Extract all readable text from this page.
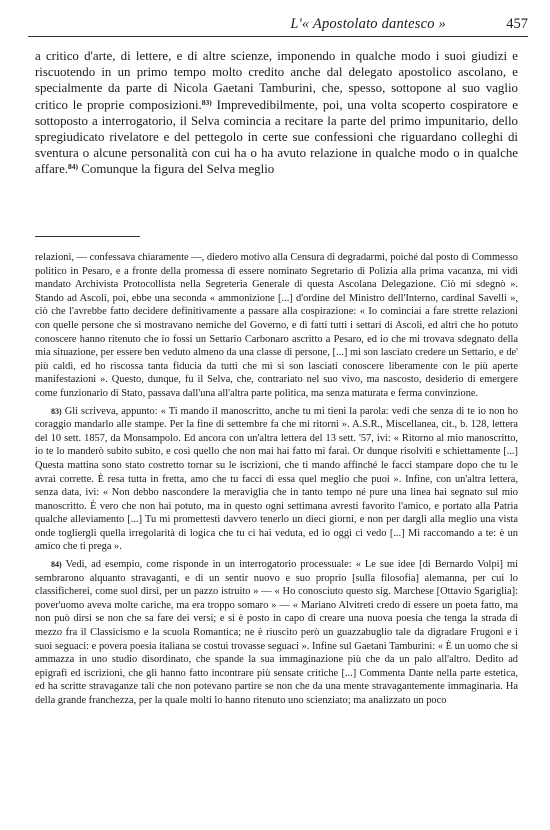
L'« Apostolato dantesco »	457

a critico d'arte, di lettere, e di altre scienze, imponendo in qualche modo i suoi giudizi e riscuotendo in un primo tempo molto credito anche dal delegato apostolico ascolano, e specialmente da parte di Nicola Gaetani Tamburini, che, spesso, sottopone al suo vaglio critico le proprie composizioni.$^{83)}$ Imprevedibilmente, poi, una volta scoperto cospiratore e sottoposto a interrogatorio, il Selva comincia a recitare la parte del primo impunitario, dello spregiudicato rivelatore e del pettegolo in certe sue confessioni che riguardano colleghi di sventura o alcune personalità con cui ha o ha avuto relazione in qualche modo o in qualche affare.$^{84)}$ Comunque la figura del Selva meglio

relazioni, — confessava chiaramente —, diedero motivo alla Censura di degradarmi, poiché dal posto di Commesso politico in Pesaro, e a fronte della promessa di essere nominato Segretario di Polizia alla prima vacanza, mi vidi mandato Archivista Protocollista nella Segreteria Generale di questa Ascolana Delegazione. Ciò mi sdegnò ». Stando ad Ascoli, poi, ebbe una seconda « ammonizione [...] d'ordine del Ministro dell'Interno, cardinal Savelli », ciò che l'avrebbe fatto decidere definitivamente a passare alla cospirazione: « Io cominciai a fare strette relazioni con quelle persone che si mostravano nemiche del Governo, e di fatti tutti i settari di Ascoli, ed altri che ho potuto conoscere hanno ritenuto che io fossi un Settario Carbonaro ascritto a Pesaro, ed io che mi trovava sdegnato della mia situazione, per essere ben veduto almeno da una classe di persone, [...] mi son lasciato credere un Settario, e de' più caldi, ed ho riscossa tanta fiducia da tutti che mi si son lasciati conoscere liberamente con le più aperte manifestazioni ». Questo, dunque, fu il Selva, che, contrariato nel suo vivo, ma nascosto, desiderio di emergere come funzionario di Stato, passava dall'una all'altra parte politica, ma senza maturata e ferma convinzione.

83) Gli scriveva, appunto: « Ti mando il manoscritto, anche tu mi tieni la parola: vedi che senza di te io non ho coraggio mandarlo alle stampe. Per la fine di settembre fa che mi ritorni ». A.S.R., Miscellanea, cit., b. 128, lettera del 10 sett. 1857, da Monsampolo. Ed ancora con un'altra lettera del 13 sett. '57, ivi: « Ritorno al mio manoscritto, io te lo manderò subito subito, e così quello che non mai hai fatto mi farai. Or dunque risolviti e schiettamente [...] Questa mattina sono stato costretto tornar su le iscrizioni, che ti mando affinché le facci stampare dopo che tu le avrai corrette. È resa tutta in fretta, amo che tu facci di essa quel meglio che puoi ». Infine, con un'altra lettera, senza data, ivi: « Non debbo nascondere la meraviglia che in tanto tempo né pure una linea hai segnato sul mio manoscritto. È vero che non hai potuto, ma in questo ogni settimana avresti favorito l'amico, e portato alla Patria qualche alleviamento [...] Tu mi promettesti davvero tenerlo un dieci giorni, e non per dargli alla meglio una vista onde togliergli quella irregolarità di logica che tu ci hai veduta, ed io oggi ci vedo [...] Mi raccomando a te: è un amico che ti prega ».

84) Vedi, ad esempio, come risponde in un interrogatorio processuale: « Le sue idee [di Bernardo Volpi] mi sembrarono alquanto stravaganti, e di un sentir nuovo e suo proprio [sulla filosofia] alemanna, per cui lo classificherei, come suol dirsi, per un pazzo istruito » — « Ho conosciuto questo sig. Marchese [Ottavio Sgariglia]: pover'uomo aveva molte cariche, ma era troppo somaro » — « Mariano Alvitreti credo di essere un poeta fatto, ma non può dirsi se non che sa fare dei versi; e si è posto in capo di creare una nuova poesia che tenga la strada di mezzo fra il Classicismo e la scuola Romantica; ne è riuscito però un guazzabuglio tale da digradare Frugoni e i suoi seguaci: e povera poesia italiana se costui trovasse seguaci ». Infine sul Gaetani Tamburini: « È un uomo che si ammazza in uno studio disordinato, che spande la sua immaginazione più che da un palo all'altro. Dedito ad epigrafi ed iscrizioni, che gli hanno fatto incontrare più sensate critiche [...] Commenta Dante nella parte estetica, ed ha scritte stravaganze tali che non potevano partire se non che da una mente stravagantemente immaginaria. Ha della grande franchezza, per la quale molti lo hanno ritenuto uno scienziato; ma analizzato un poco
